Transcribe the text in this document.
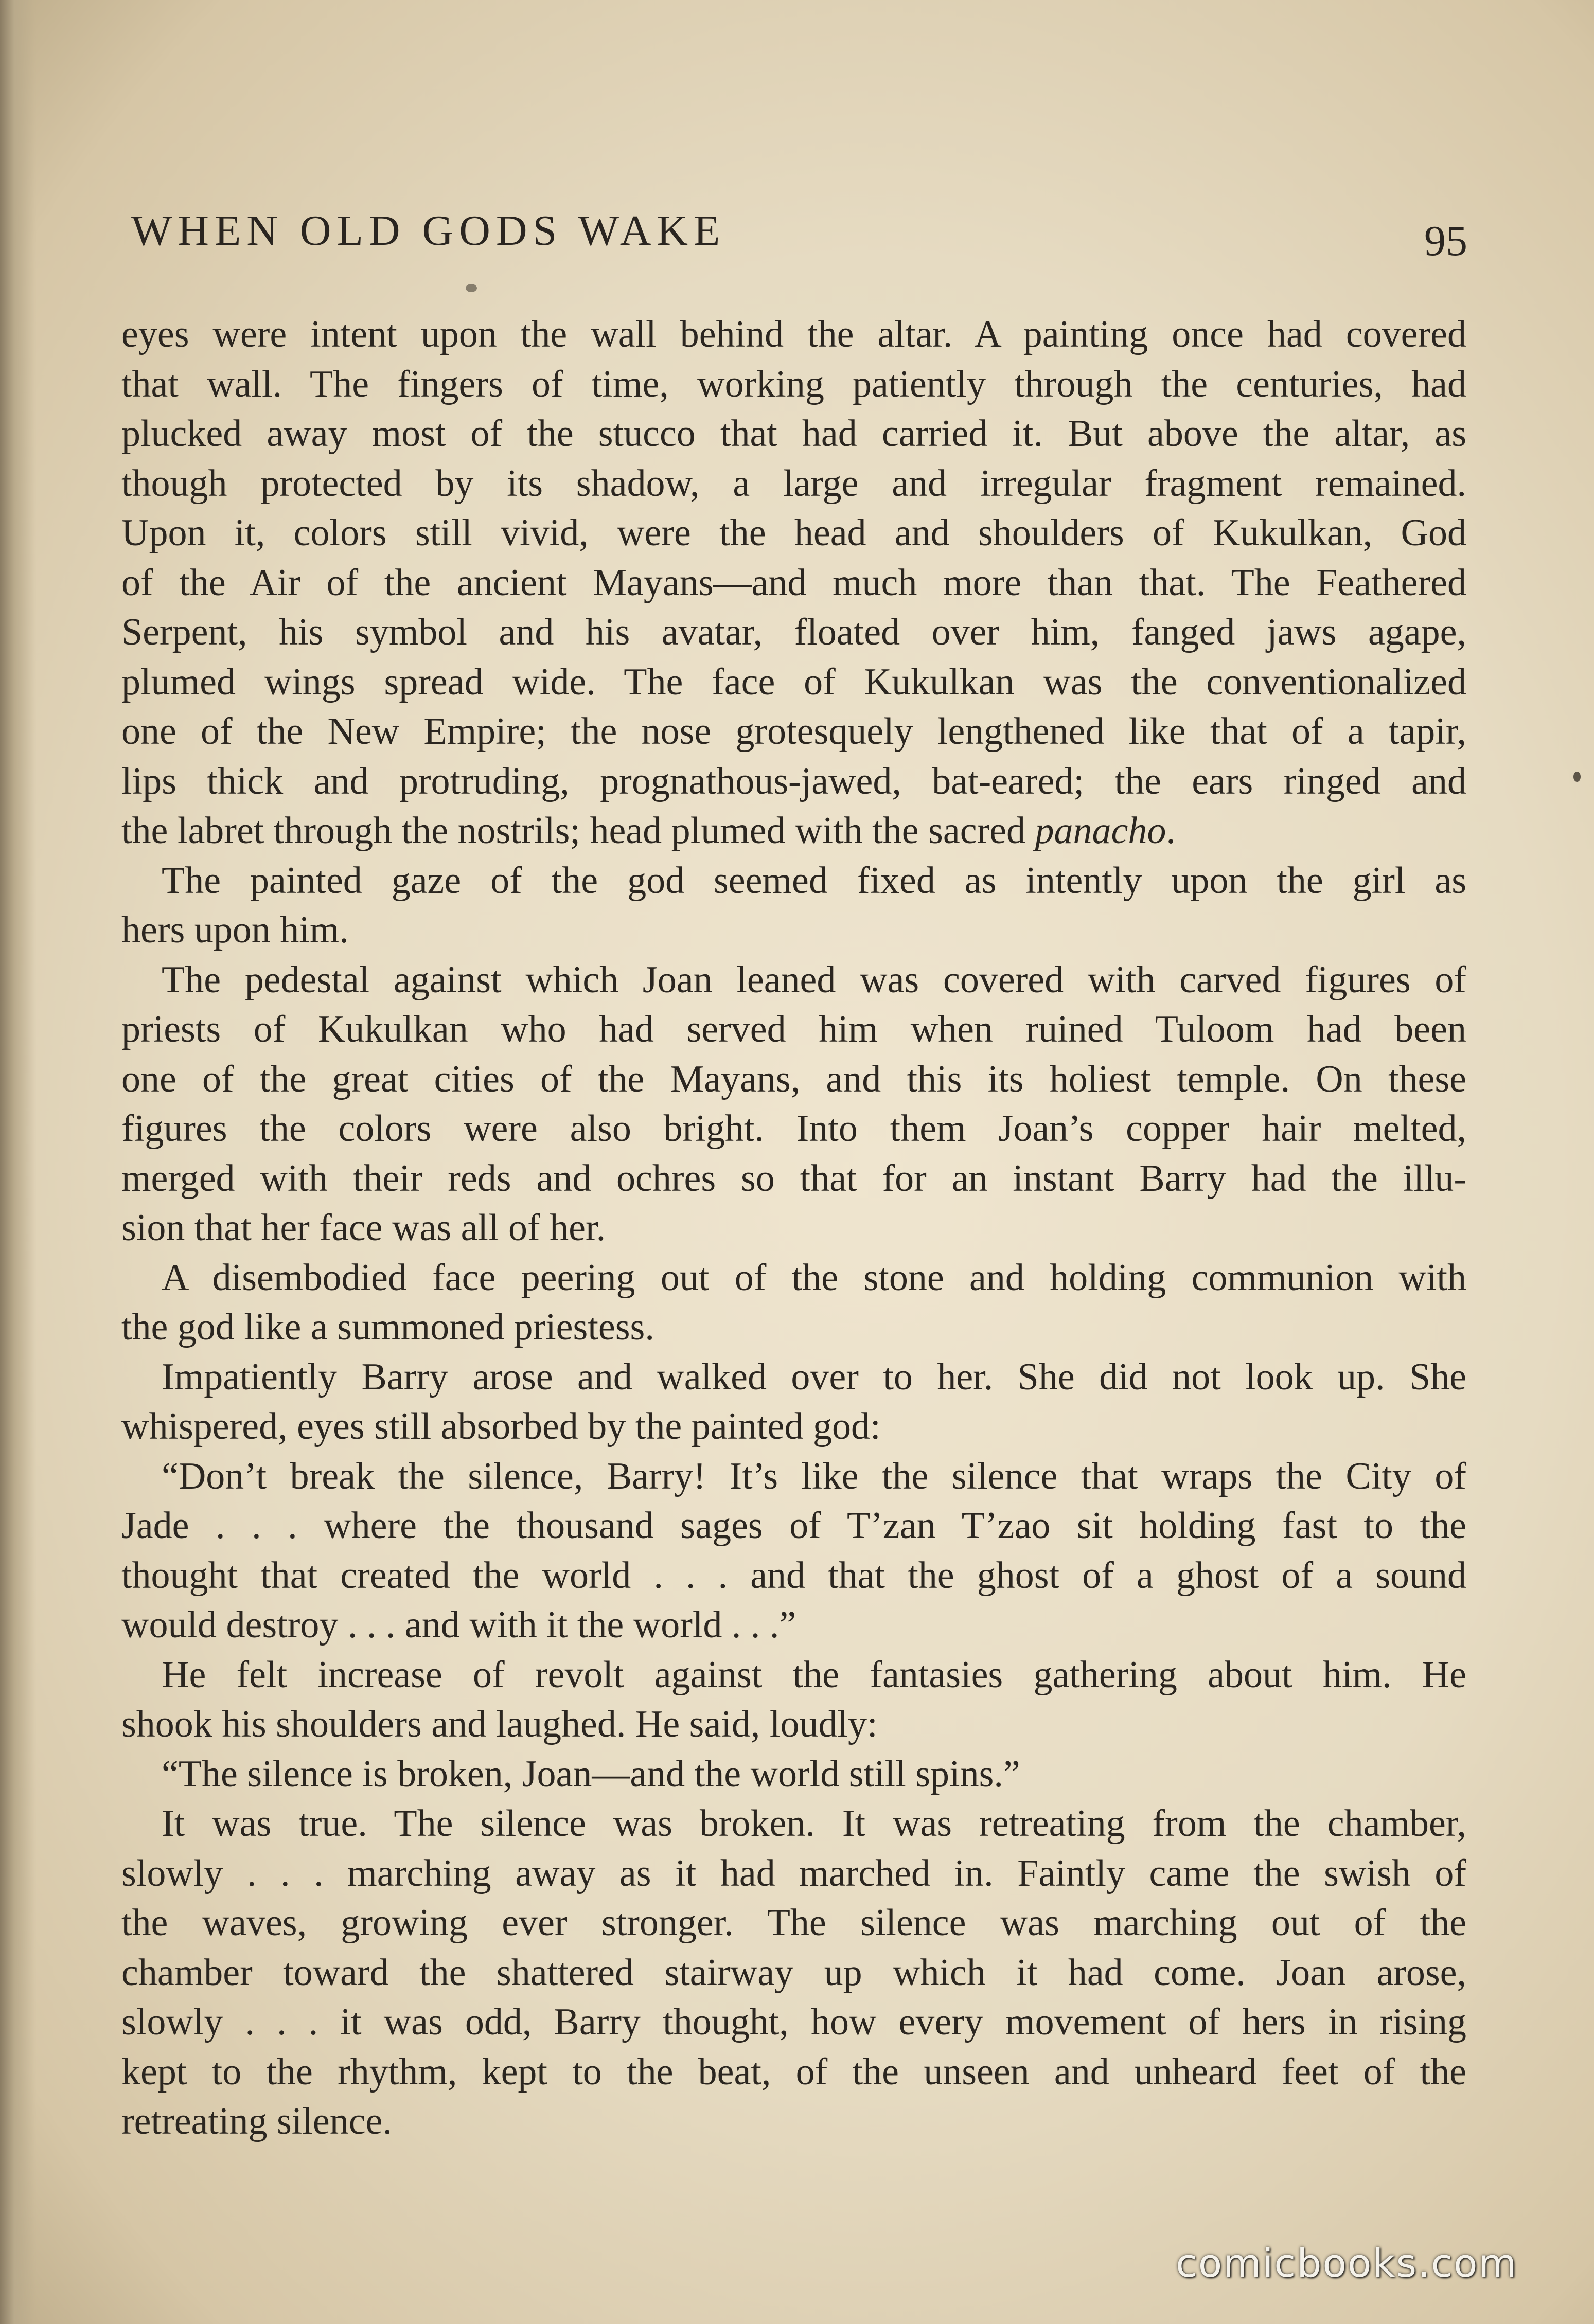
WHEN OLD GODS WAKE	95
eyes were intent upon the wall behind the altar. A painting once had covered
that wall. The fingers of time, working patiently through the centuries, had
plucked away most of the stucco that had carried it. But above the altar, as
though protected by its shadow, a large and irregular fragment remained.
Upon it, colors still vivid, were the head and shoulders of Kukulkan, God
of the Air of the ancient Mayans—and much more than that. The Feathered
Serpent, his symbol and his avatar, floated over him, fanged jaws agape,
plumed wings spread wide. The face of Kukulkan was the conventionalized
one of the New Empire; the nose grotesquely lengthened like that of a tapir,
lips thick and protruding, prognathous-jawed, bat-eared; the ears ringed and
the labret through the nostrils; head plumed with the sacred panacho.
The painted gaze of the god seemed fixed as intently upon the girl as
hers upon him.
The pedestal against which Joan leaned was covered with carved figures of
priests of Kukulkan who had served him when ruined Tuloom had been
one of the great cities of the Mayans, and this its holiest temple. On these
figures the colors were also bright. Into them Joan’s copper hair melted,
merged with their reds and ochres so that for an instant Barry had the illu-
sion that her face was all of her.
A disembodied face peering out of the stone and holding communion with
the god like a summoned priestess.
Impatiently Barry arose and walked over to her. She did not look up. She
whispered, eyes still absorbed by the painted god:
“Don’t break the silence, Barry! It’s like the silence that wraps the City of
Jade . . . where the thousand sages of T’zan T’zao sit holding fast to the
thought that created the world . . . and that the ghost of a ghost of a sound
would destroy . . . and with it the world . . .”
He felt increase of revolt against the fantasies gathering about him. He
shook his shoulders and laughed. He said, loudly:
“The silence is broken, Joan—and the world still spins.”
It was true. The silence was broken. It was retreating from the chamber,
slowly . . . marching away as it had marched in. Faintly came the swish of
the waves, growing ever stronger. The silence was marching out of the
chamber toward the shattered stairway up which it had come. Joan arose,
slowly . . . it was odd, Barry thought, how every movement of hers in rising
kept to the rhythm, kept to the beat, of the unseen and unheard feet of the
retreating silence.
comicbooks.com
